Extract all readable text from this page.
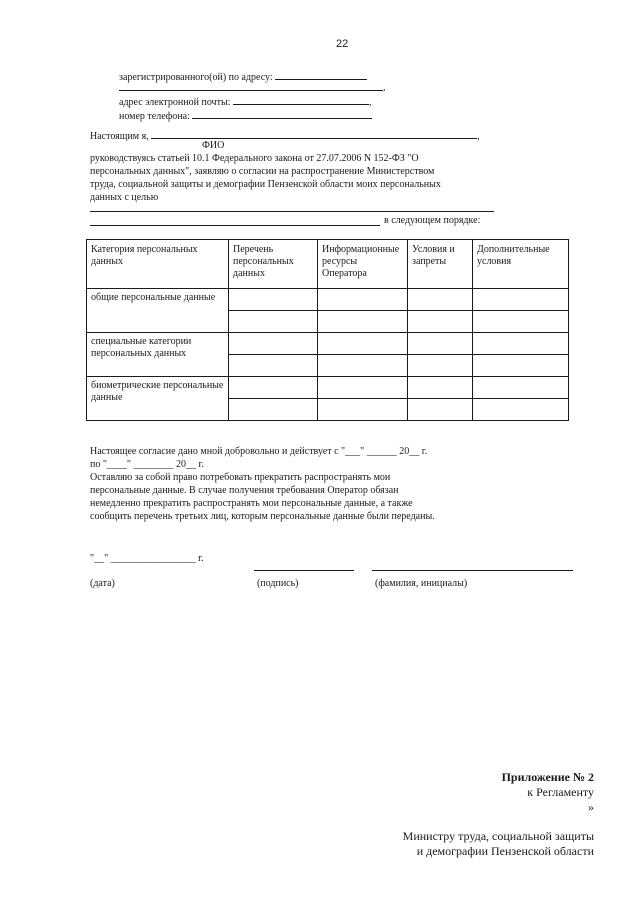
22
зарегистрированного(ой) по адресу:
,
адрес электронной почты:	,
номер телефона:
Настоящим я,	,
ФИО
руководствуясь статьей 10.1 Федерального закона от 27.07.2006 N 152-ФЗ "О
персональных данных", заявляю о согласии на распространение Министерством
труда, социальной защиты и демографии Пензенской области моих персональных
данных с целью
в следующем порядке:
Категория персональных данных	Перечень персональных данных	Информационные ресурсы Оператора	Условия и запреты	Дополнительные условия
общие персональные данные				

специальные категории персональных данных				

биометрические персональные данные				

Настоящее согласие дано мной добровольно и действует с "___" ______ 20__ г.
по "____" ________ 20__ г.
Оставляю за собой право потребовать прекратить распространять мои
персональные данные. В случае получения требования Оператор обязан
немедленно прекратить распространять мои персональные данные, а также
сообщить перечень третьих лиц, которым персональные данные были переданы.
"__" _________________ г.
(дата)	(подпись)	(фамилия, инициалы)
Приложение № 2
к Регламенту
»
Министру труда, социальной защиты
и демографии Пензенской области
